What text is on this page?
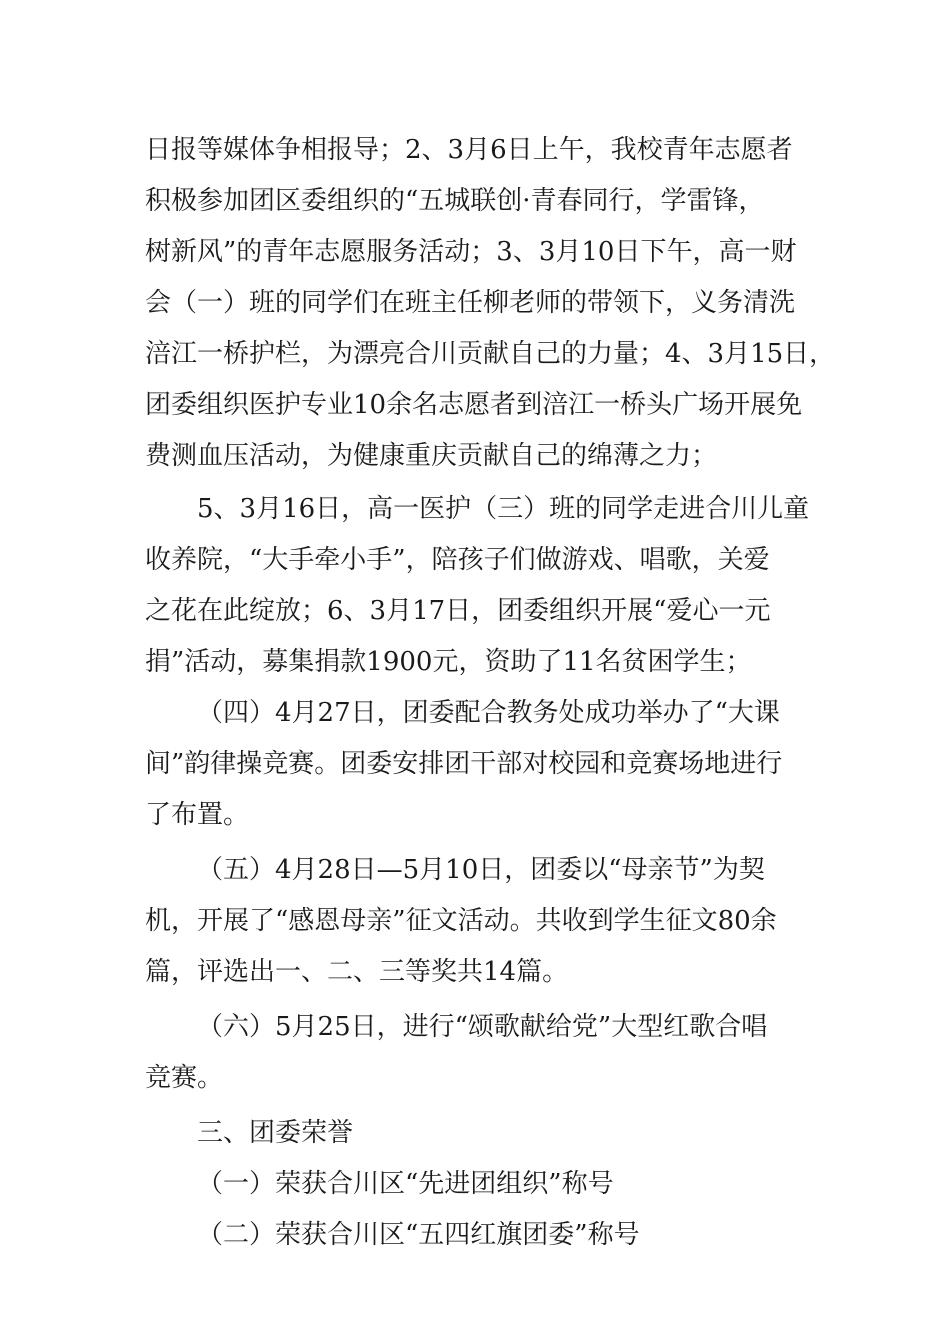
日报等媒体争相报导；2、3月6日上午，我校青年志愿者
积极参加团区委组织的“五城联创·青春同行，学雷锋，
树新风”的青年志愿服务活动；3、3月10日下午，高一财
会（一）班的同学们在班主任柳老师的带领下，义务清洗
涪江一桥护栏，为漂亮合川贡献自己的力量；4、3月15日，
团委组织医护专业10余名志愿者到涪江一桥头广场开展免
费测血压活动，为健康重庆贡献自己的绵薄之力；
5、3月16日，高一医护（三）班的同学走进合川儿童
收养院，“大手牵小手”，陪孩子们做游戏、唱歌，关爱
之花在此绽放；6、3月17日，团委组织开展“爱心一元
捐”活动，募集捐款1900元，资助了11名贫困学生；
（四）4月27日，团委配合教务处成功举办了“大课
间”韵律操竞赛。团委安排团干部对校园和竞赛场地进行
了布置。
（五）4月28日—5月10日，团委以“母亲节”为契
机，开展了“感恩母亲”征文活动。共收到学生征文80余
篇，评选出一、二、三等奖共14篇。
（六）5月25日，进行“颂歌献给党”大型红歌合唱
竞赛。
三、团委荣誉
（一）荣获合川区“先进团组织”称号
（二）荣获合川区“五四红旗团委”称号
